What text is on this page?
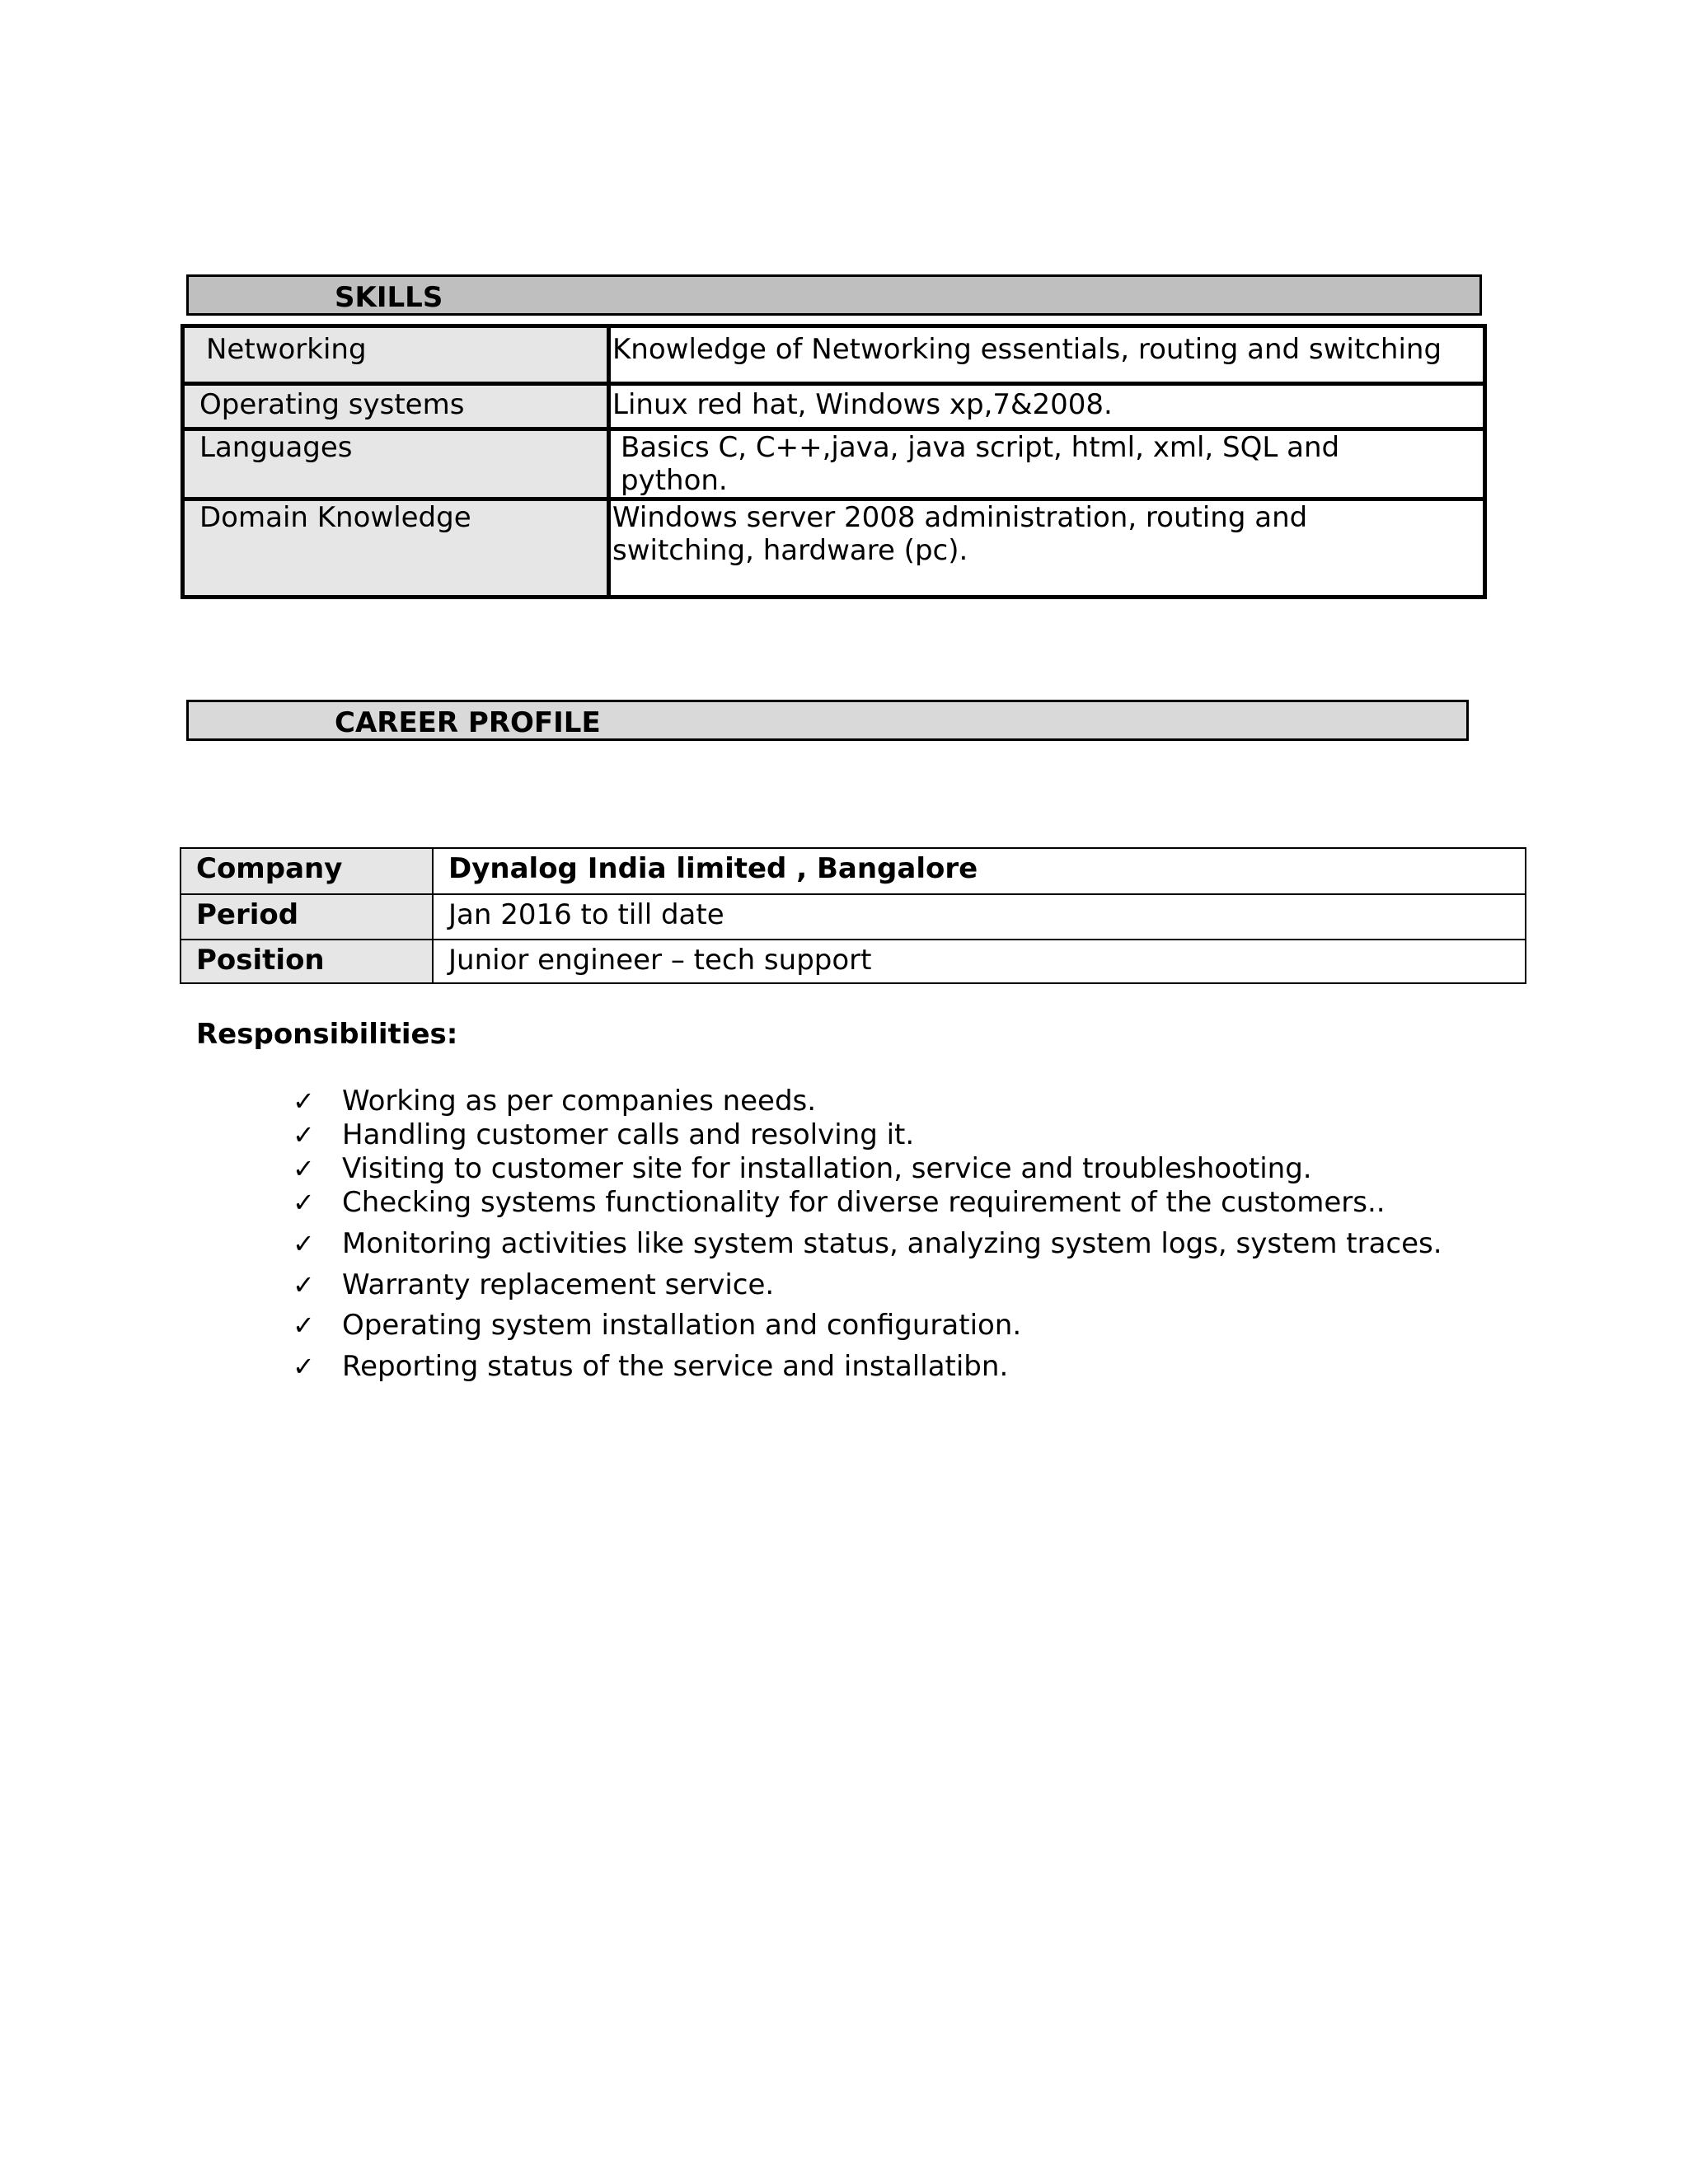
SKILLS
Networking	Knowledge of Networking essentials, routing and switching
Operating systems	Linux red hat, Windows xp,7&2008.
Languages	Basics C, C++,java, java script, html, xml, SQL and python.
Domain Knowledge	Windows server 2008 administration, routing and switching, hardware (pc).
CAREER PROFILE
Company	Dynalog India limited , Bangalore
Period	Jan 2016 to till date
Position	Junior engineer – tech support
Responsibilities:
✓ Working as per companies needs.
✓ Handling customer calls and resolving it.
✓ Visiting to customer site for installation, service and troubleshooting.
✓ Checking systems functionality for diverse requirement of the customers..
✓ Monitoring activities like system status, analyzing system logs, system traces.
✓ Warranty replacement service.
✓ Operating system installation and configuration.
✓ Reporting status of the service and installatibn.
